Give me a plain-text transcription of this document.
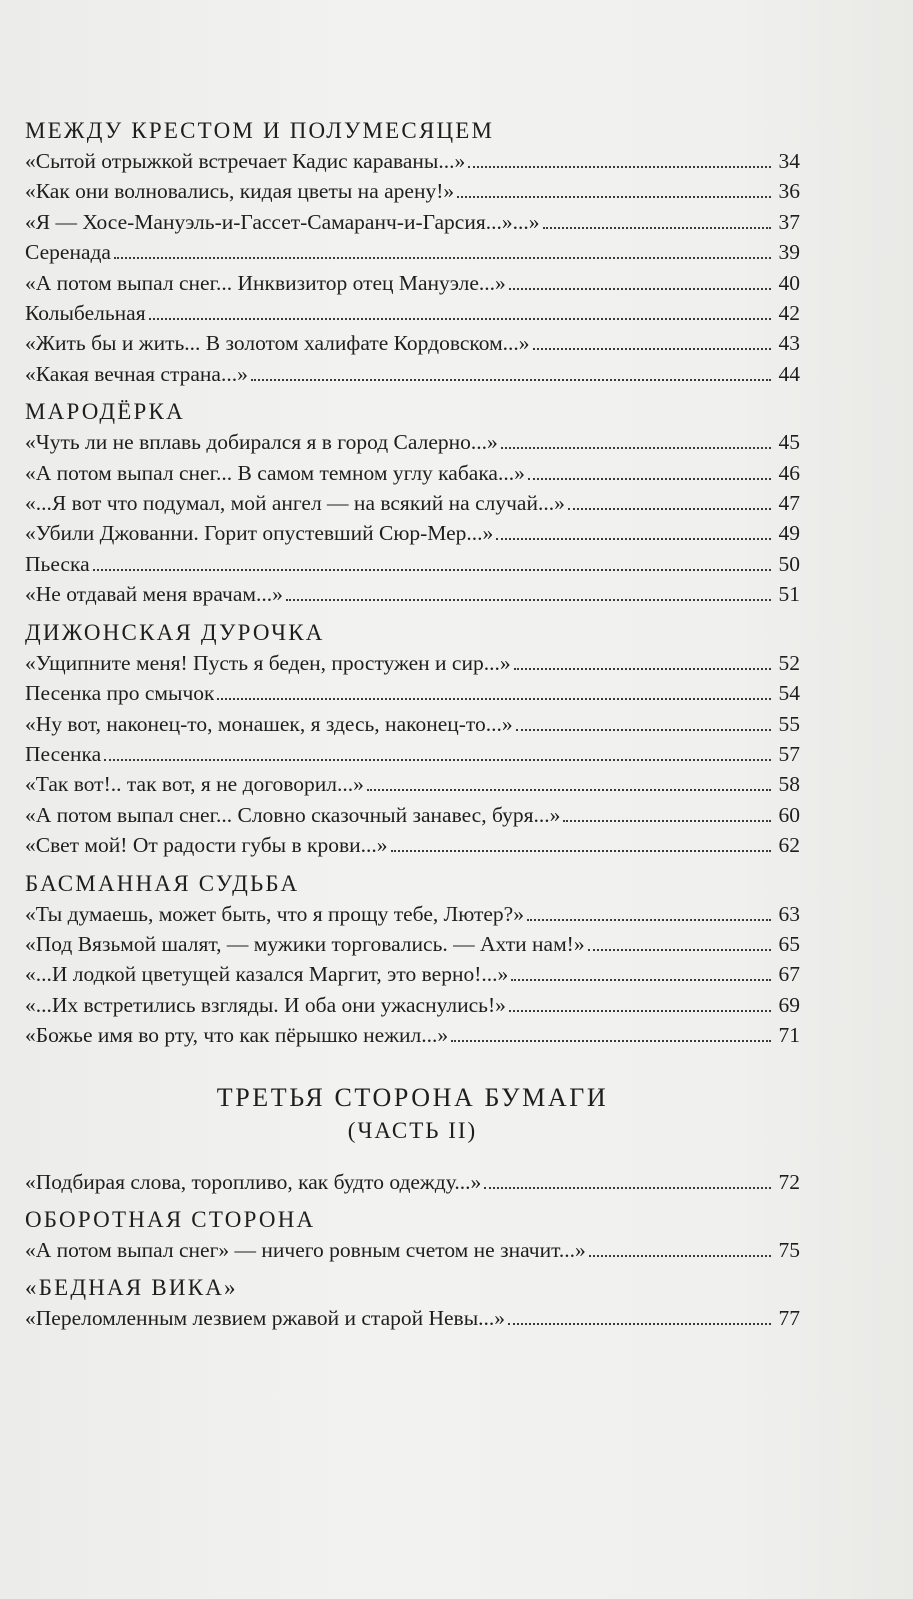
МЕЖДУ КРЕСТОМ И ПОЛУМЕСЯЦЕМ
«Сытой отрыжкой встречает Кадис караваны...»	34
«Как они волновались, кидая цветы на арену!»	36
«Я — Хосе-Мануэль-и-Гассет-Самаранч-и-Гарсия...»...»	37
Серенада	39
«А потом выпал снег... Инквизитор отец Мануэле...»	40
Колыбельная	42
«Жить бы и жить... В золотом халифате Кордовском...»	43
«Какая вечная страна...»	44
МАРОДЁРКА
«Чуть ли не вплавь добирался я в город Салерно...»	45
«А потом выпал снег... В самом темном углу кабака...»	46
«...Я вот что подумал, мой ангел — на всякий на случай...»	47
«Убили Джованни. Горит опустевший Сюр-Мер...»	49
Пьеска	50
«Не отдавай меня врачам...»	51
ДИЖОНСКАЯ ДУРОЧКА
«Ущипните меня! Пусть я беден, простужен и сир...»	52
Песенка про смычок	54
«Ну вот, наконец-то, монашек, я здесь, наконец-то...»	55
Песенка	57
«Так вот!.. так вот, я не договорил...»	58
«А потом выпал снег... Словно сказочный занавес, буря...»	60
«Свет мой! От радости губы в крови...»	62
БАСМАННАЯ СУДЬБА
«Ты думаешь, может быть, что я прощу тебе, Лютер?»	63
«Под Вязьмой шалят, — мужики торговались. — Ахти нам!»	65
«...И лодкой цветущей казался Маргит, это верно!...»	67
«...Их встретились взгляды. И оба они ужаснулись!»	69
«Божье имя во рту, что как пёрышко нежил...»	71
ТРЕТЬЯ СТОРОНА БУМАГИ
(ЧАСТЬ II)
«Подбирая слова, торопливо, как будто одежду...»	72
ОБОРОТНАЯ СТОРОНА
«А потом выпал снег» — ничего ровным счетом не значит...»	75
«БЕДНАЯ ВИКА»
«Переломленным лезвием ржавой и старой Невы...»	77
